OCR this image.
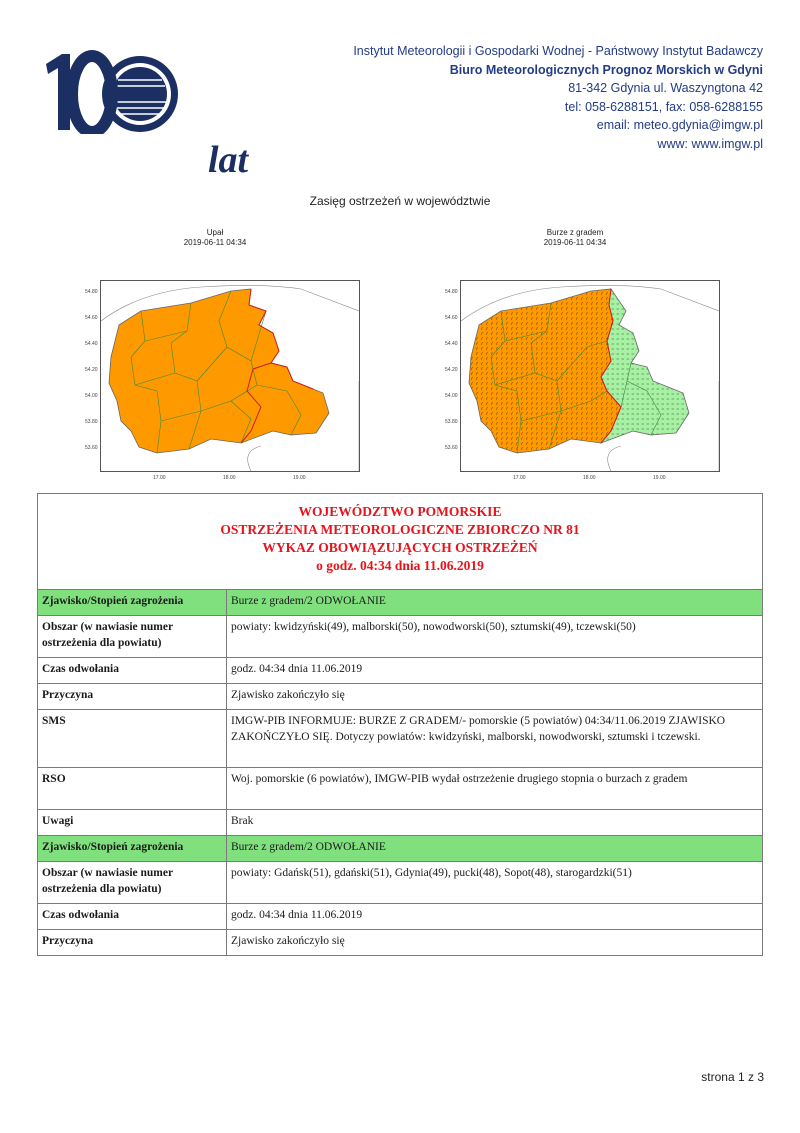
lat
Instytut Meteorologii i Gospodarki Wodnej - Państwowy Instytut Badawczy
Biuro Meteorologicznych Prognoz Morskich w Gdyni
81-342 Gdynia ul. Waszyngtona 42
tel: 058-6288151, fax: 058-6288155
email: meteo.gdynia@imgw.pl
www: www.imgw.pl
Zasięg ostrzeżeń w województwie
Upał
2019-06-11 04:34
54.80
54.60
54.40
54.20
54.00
53.80
53.60
17.00	18.00	19.00
Burze z gradem
2019-06-11 04:34
54.80
54.60
54.40
54.20
54.00
53.80
53.60
17.00	18.00	19.00
WOJEWÓDZTWO POMORSKIE
OSTRZEŻENIA METEOROLOGICZNE ZBIORCZO NR 81
WYKAZ OBOWIĄZUJĄCYCH OSTRZEŻEŃ
o godz. 04:34 dnia 11.06.2019	

Zjawisko/Stopień zagrożenia	Burze z gradem/2 ODWOŁANIE
Obszar (w nawiasie numer ostrzeżenia dla powiatu)	powiaty: kwidzyński(49), malborski(50), nowodworski(50), sztumski(49), tczewski(50)
Czas odwołania	godz. 04:34 dnia 11.06.2019
Przyczyna	Zjawisko zakończyło się
SMS	IMGW-PIB INFORMUJE: BURZE Z GRADEM/- pomorskie (5 powiatów) 04:34/11.06.2019 ZJAWISKO ZAKOŃCZYŁO SIĘ. Dotyczy powiatów: kwidzyński, malborski, nowodworski, sztumski i tczewski.
RSO	Woj. pomorskie (6 powiatów), IMGW-PIB wydał ostrzeżenie drugiego stopnia o burzach z gradem
Uwagi	Brak
Zjawisko/Stopień zagrożenia	Burze z gradem/2 ODWOŁANIE
Obszar (w nawiasie numer ostrzeżenia dla powiatu)	powiaty: Gdańsk(51), gdański(51), Gdynia(49), pucki(48), Sopot(48), starogardzki(51)
Czas odwołania	godz. 04:34 dnia 11.06.2019
Przyczyna	Zjawisko zakończyło się
strona 1 z 3
